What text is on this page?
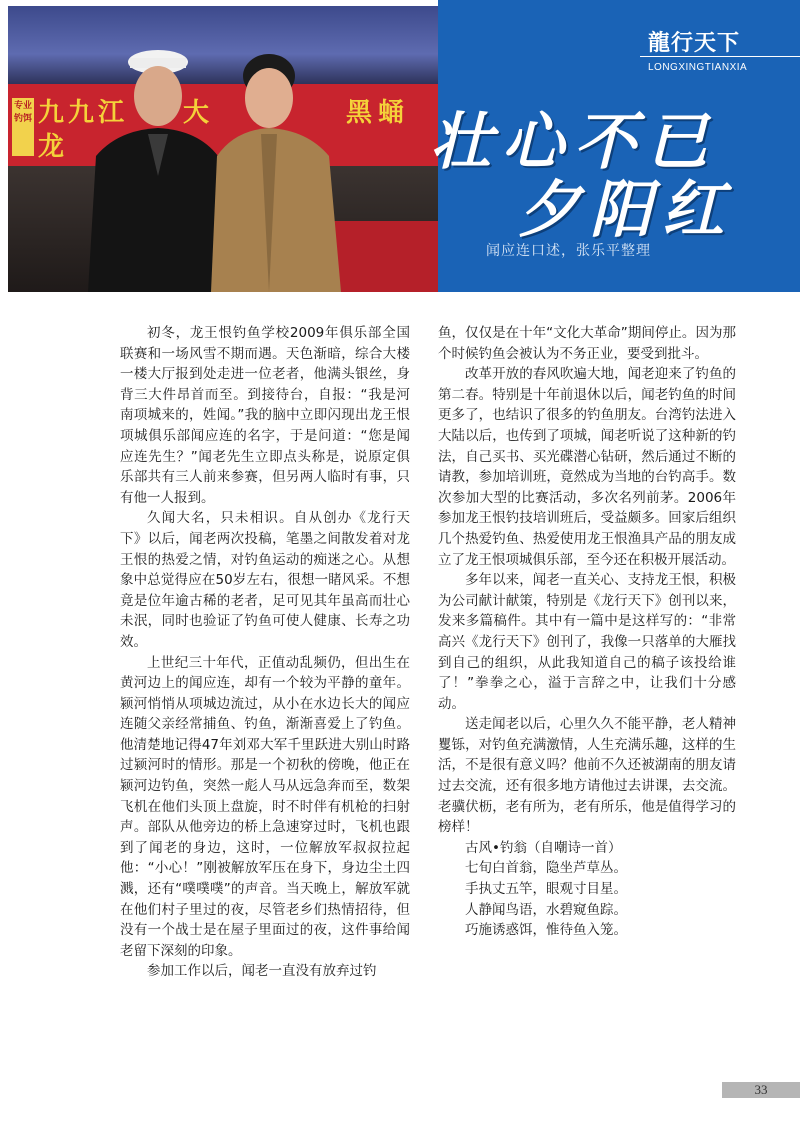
九 九 江 大	黑 蛹
龙
专业钓饵
龍行天下
LONGXINGTIANXIA
壮心不已
夕阳红
闻应连口述，张乐平整理

初冬，龙王恨钓鱼学校2009年俱乐部全国联赛和一场风雪不期而遇。天色渐暗，综合大楼一楼大厅报到处走进一位老者，他满头银丝，身背三大件昂首而至。到接待台，自报：“我是河南项城来的，姓闻。”我的脑中立即闪现出龙王恨项城俱乐部闻应连的名字，于是问道：“您是闻应连先生？”闻老先生立即点头称是，说原定俱乐部共有三人前来参赛，但另两人临时有事，只有他一人报到。

久闻大名，只未相识。自从创办《龙行天下》以后，闻老两次投稿，笔墨之间散发着对龙王恨的热爱之情，对钓鱼运动的痴迷之心。从想象中总觉得应在50岁左右，很想一睹风采。不想竟是位年逾古稀的老者，足可见其年虽高而壮心未泯，同时也验证了钓鱼可使人健康、长寿之功效。

上世纪三十年代，正值动乱频仍，但出生在黄河边上的闻应连，却有一个较为平静的童年。颍河悄悄从项城边流过，从小在水边长大的闻应连随父亲经常捕鱼、钓鱼，渐渐喜爱上了钓鱼。他清楚地记得47年刘邓大军千里跃进大别山时路过颍河时的情形。那是一个初秋的傍晚，他正在颍河边钓鱼，突然一彪人马从远急奔而至，数架飞机在他们头顶上盘旋，时不时伴有机枪的扫射声。部队从他旁边的桥上急速穿过时，飞机也跟到了闻老的身边，这时，一位解放军叔叔拉起他：“小心！”刚被解放军压在身下，身边尘土四溅，还有“噗噗噗”的声音。当天晚上，解放军就在他们村子里过的夜，尽管老乡们热情招待，但没有一个战士是在屋子里面过的夜，这件事给闻老留下深刻的印象。

参加工作以后，闻老一直没有放弃过钓

鱼，仅仅是在十年“文化大革命”期间停止。因为那个时候钓鱼会被认为不务正业，要受到批斗。

改革开放的春风吹遍大地，闻老迎来了钓鱼的第二春。特别是十年前退休以后，闻老钓鱼的时间更多了，也结识了很多的钓鱼朋友。台湾钓法进入大陆以后，也传到了项城，闻老听说了这种新的钓法，自己买书、买光碟潜心钻研，然后通过不断的请教，参加培训班，竟然成为当地的台钓高手。数次参加大型的比赛活动，多次名列前茅。2006年参加龙王恨钓技培训班后，受益颇多。回家后组织几个热爱钓鱼、热爱使用龙王恨渔具产品的朋友成立了龙王恨项城俱乐部，至今还在积极开展活动。

多年以来，闻老一直关心、支持龙王恨，积极为公司献计献策，特别是《龙行天下》创刊以来，发来多篇稿件。其中有一篇中是这样写的：“非常高兴《龙行天下》创刊了，我像一只落单的大雁找到自己的组织，从此我知道自己的稿子该投给谁了！”拳拳之心，溢于言辞之中，让我们十分感动。

送走闻老以后，心里久久不能平静，老人精神矍铄，对钓鱼充满激情，人生充满乐趣，这样的生活，不是很有意义吗？他前不久还被湖南的朋友请过去交流，还有很多地方请他过去讲课，去交流。老骥伏枥，老有所为，老有所乐，他是值得学习的榜样！

古风•钓翁（自嘲诗一首）

七旬白首翁，隐坐芦草丛。

手执丈五竿，眼观寸目星。

人静闻鸟语，水碧窥鱼踪。

巧施诱惑饵，惟待鱼入笼。

33
